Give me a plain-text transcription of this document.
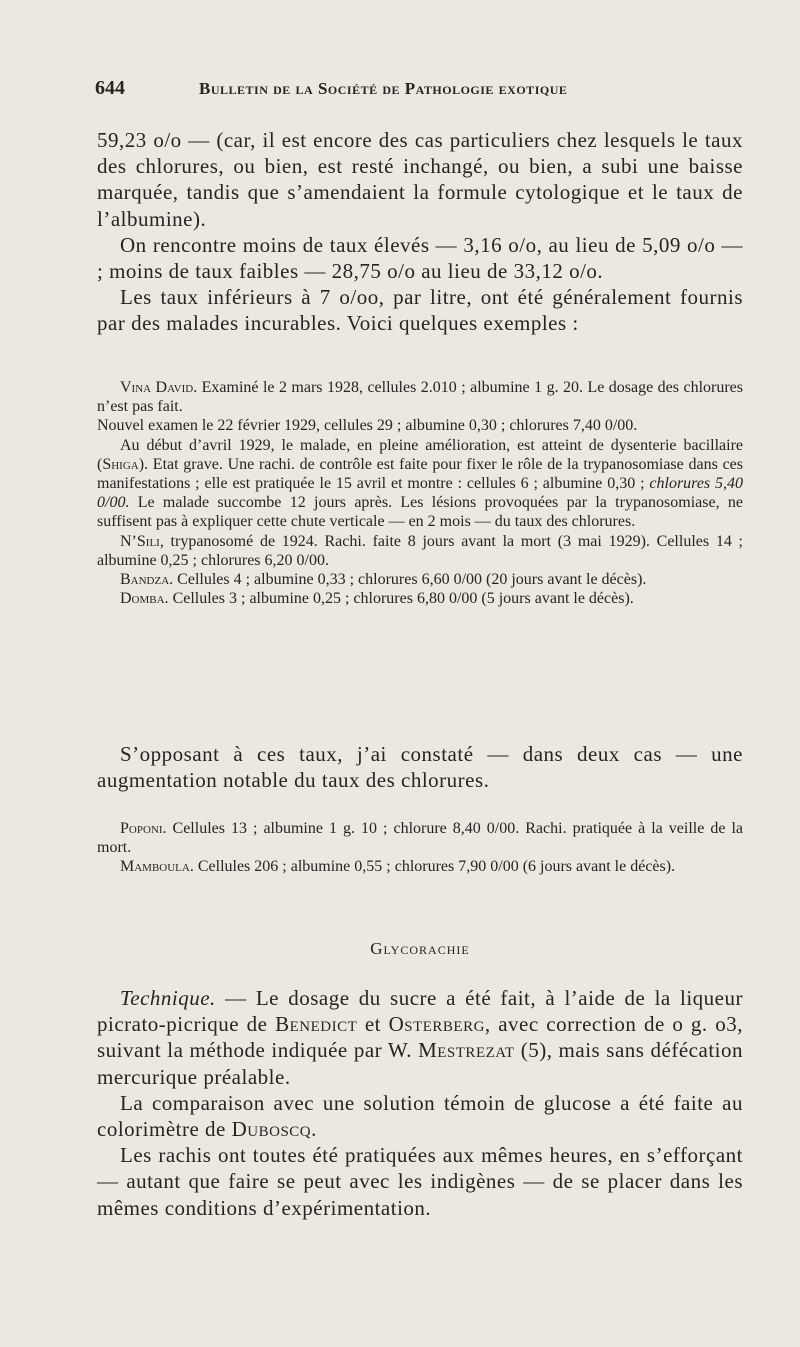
644	Bulletin de la Société de Pathologie exotique

59,23 o/o — (car, il est encore des cas particuliers chez lesquels le taux des chlorures, ou bien, est resté inchangé, ou bien, a subi une baisse marquée, tandis que s’amendaient la formule cytologique et le taux de l’albumine).

On rencontre moins de taux élevés — 3,16 o/o, au lieu de 5,09 o/o — ; moins de taux faibles — 28,75 o/o au lieu de 33,12 o/o.

Les taux inférieurs à 7 o/oo, par litre, ont été généralement fournis par des malades incurables. Voici quelques exemples :

Vina David. Examiné le 2 mars 1928, cellules 2.010 ; albumine 1 g. 20. Le dosage des chlorures n’est pas fait.

Nouvel examen le 22 février 1929, cellules 29 ; albumine 0,30 ; chlorures 7,40 0/00.

Au début d’avril 1929, le malade, en pleine amélioration, est atteint de dysenterie bacillaire (Shiga). Etat grave. Une rachi. de contrôle est faite pour fixer le rôle de la trypanosomiase dans ces manifestations ; elle est pratiquée le 15 avril et montre : cellules 6 ; albumine 0,30 ; chlorures 5,40 0/00. Le malade succombe 12 jours après. Les lésions provoquées par la trypanosomiase, ne suffisent pas à expliquer cette chute verticale — en 2 mois — du taux des chlorures.

N’Sili, trypanosomé de 1924. Rachi. faite 8 jours avant la mort (3 mai 1929). Cellules 14 ; albumine 0,25 ; chlorures 6,20 0/00.

Bandza. Cellules 4 ; albumine 0,33 ; chlorures 6,60 0/00 (20 jours avant le décès).

Domba. Cellules 3 ; albumine 0,25 ; chlorures 6,80 0/00 (5 jours avant le décès).

S’opposant à ces taux, j’ai constaté — dans deux cas — une augmentation notable du taux des chlorures.

Poponi. Cellules 13 ; albumine 1 g. 10 ; chlorure 8,40 0/00. Rachi. pratiquée à la veille de la mort.

Mamboula. Cellules 206 ; albumine 0,55 ; chlorures 7,90 0/00 (6 jours avant le décès).

Glycorachie

Technique. — Le dosage du sucre a été fait, à l’aide de la liqueur picrato-picrique de Benedict et Osterberg, avec correction de o g. o3, suivant la méthode indiquée par W. Mestrezat (5), mais sans défécation mercurique préalable.

La comparaison avec une solution témoin de glucose a été faite au colorimètre de Duboscq.

Les rachis ont toutes été pratiquées aux mêmes heures, en s’efforçant — autant que faire se peut avec les indigènes — de se placer dans les mêmes conditions d’expérimentation.
